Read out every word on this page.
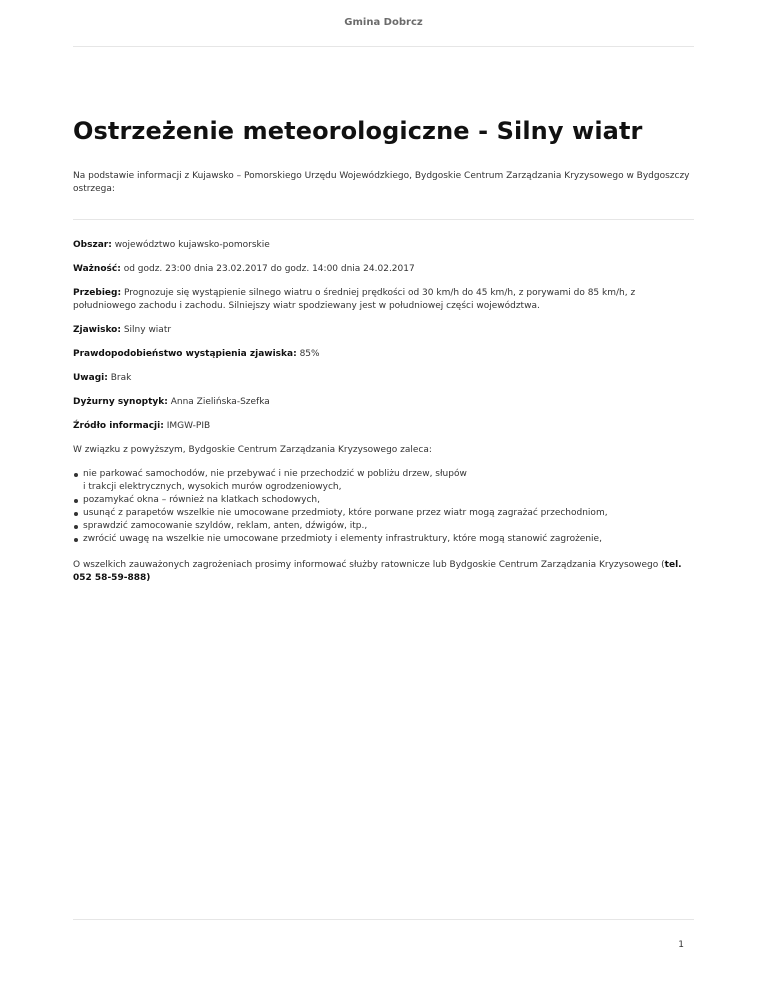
Gmina Dobrcz
Ostrzeżenie meteorologiczne - Silny wiatr

Na podstawie informacji z Kujawsko – Pomorskiego Urzędu Wojewódzkiego, Bydgoskie Centrum Zarządzania Kryzysowego w Bydgoszczy ostrzega:

Obszar: województwo kujawsko-pomorskie

Ważność: od godz. 23:00 dnia 23.02.2017 do godz. 14:00 dnia 24.02.2017

Przebieg: Prognozuje się wystąpienie silnego wiatru o średniej prędkości od 30 km/h do 45 km/h, z porywami do 85 km/h, z południowego zachodu i zachodu. Silniejszy wiatr spodziewany jest w południowej części województwa.

Zjawisko: Silny wiatr

Prawdopodobieństwo wystąpienia zjawiska: 85%

Uwagi: Brak

Dyżurny synoptyk: Anna Zielińska-Szefka

Źródło informacji: IMGW-PIB

W związku z powyższym, Bydgoskie Centrum Zarządzania Kryzysowego zaleca:

nie parkować samochodów, nie przebywać i nie przechodzić w pobliżu drzew, słupów
i trakcji elektrycznych, wysokich murów ogrodzeniowych,
pozamykać okna – również na klatkach schodowych,
usunąć z parapetów wszelkie nie umocowane przedmioty, które porwane przez wiatr mogą zagrażać przechodniom,
sprawdzić zamocowanie szyldów, reklam, anten, dźwigów, itp.,
zwrócić uwagę na wszelkie nie umocowane przedmioty i elementy infrastruktury, które mogą stanowić zagrożenie,

O wszelkich zauważonych zagrożeniach prosimy informować służby ratownicze lub Bydgoskie Centrum Zarządzania Kryzysowego (tel. 052 58-59-888)

1
